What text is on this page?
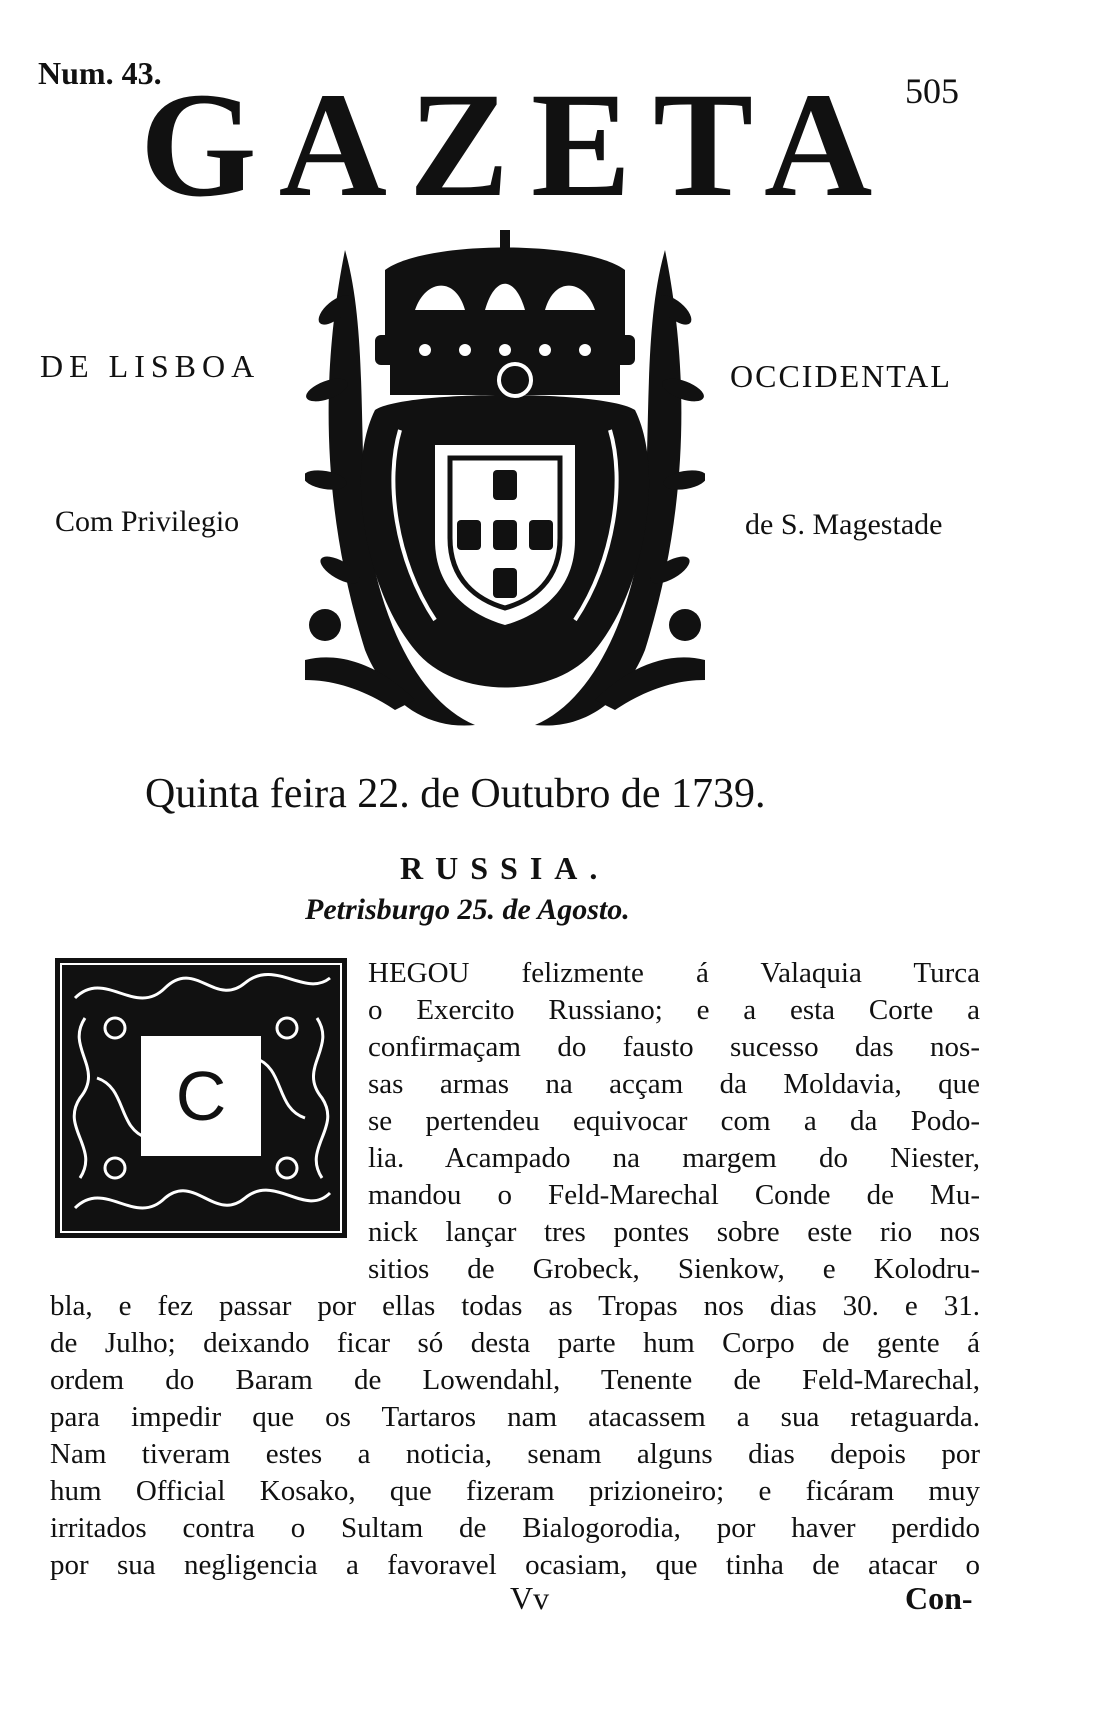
Num. 43.	505
GAZETA
DE LISBOA	OCCIDENTAL
Com Privilegio	de S. Magestade
Quinta feira 22. de Outubro de 1739.
RUSSIA.
Petrisburgo 25. de Agosto.
C
HEGOU felizmente á Valaquia Turca
o Exercito Russiano; e a esta Corte a
confirmaçam do fausto sucesso das nos-
sas armas na acçam da Moldavia, que
se pertendeu equivocar com a da Podo-
lia. Acampado na margem do Niester,
mandou o Feld-Marechal Conde de Mu-
nick lançar tres pontes sobre este rio nos
sitios de Grobeck, Sienkow, e Kolodru-
bla, e fez passar por ellas todas as Tropas nos dias 30. e 31.
de Julho; deixando ficar só desta parte hum Corpo de gente á
ordem do Baram de Lowendahl, Tenente de Feld-Marechal,
para impedir que os Tartaros nam atacassem a sua retaguarda.
Nam tiveram estes a noticia, senam alguns dias depois por
hum Official Kosako, que fizeram prizioneiro; e ficáram muy
irritados contra o Sultam de Bialogorodia, por haver perdido
por sua negligencia a favoravel ocasiam, que tinha de atacar o
Vv	Con-
